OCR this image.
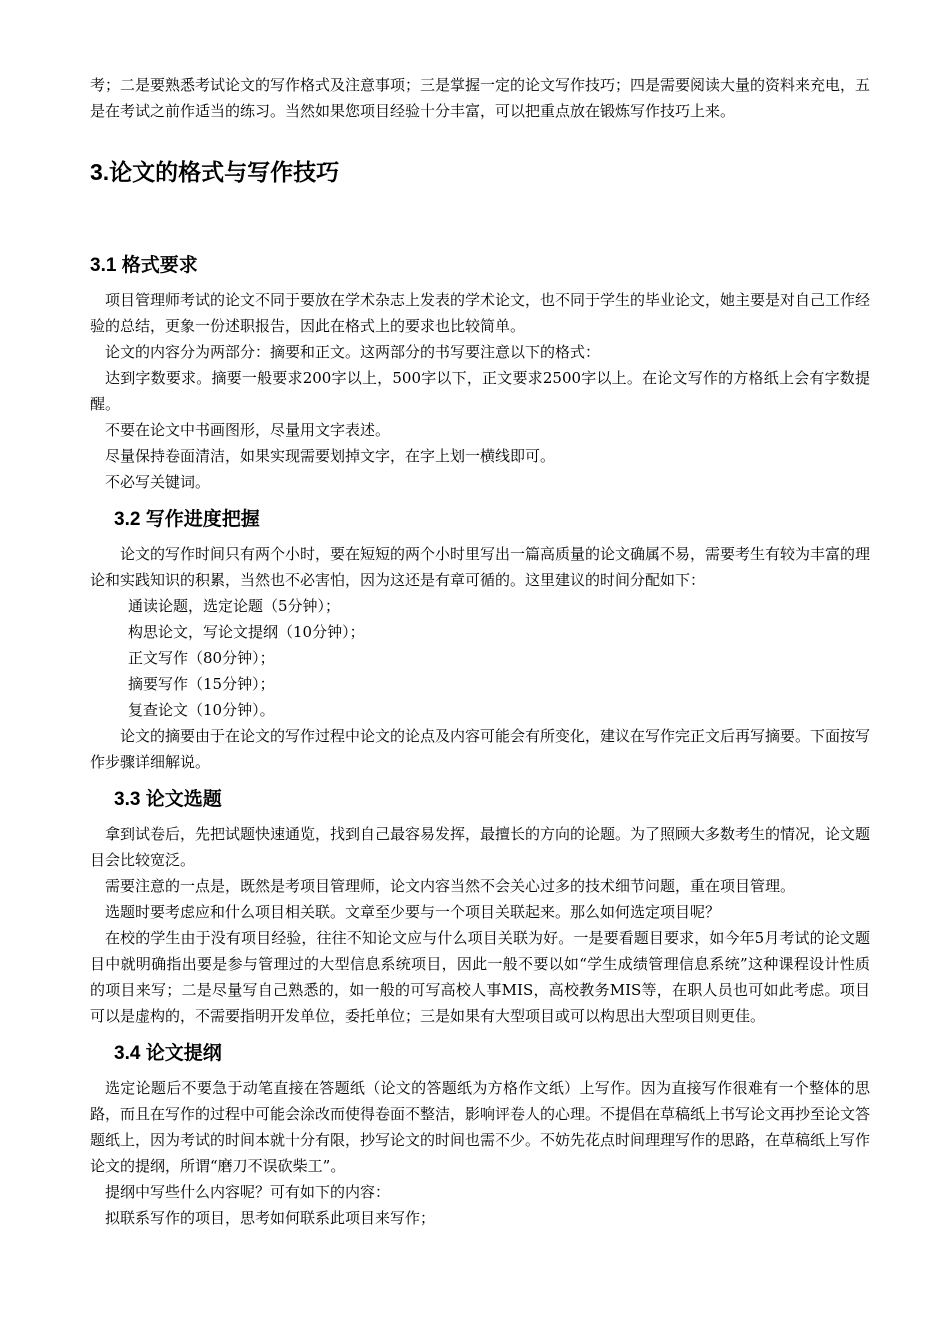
考；二是要熟悉考试论文的写作格式及注意事项；三是掌握一定的论文写作技巧；四是需要阅读大量的资料来充电，五是在考试之前作适当的练习。当然如果您项目经验十分丰富，可以把重点放在锻炼写作技巧上来。

3.论文的格式与写作技巧
3.1 格式要求

项目管理师考试的论文不同于要放在学术杂志上发表的学术论文，也不同于学生的毕业论文，她主要是对自己工作经验的总结，更象一份述职报告，因此在格式上的要求也比较简单。

论文的内容分为两部分：摘要和正文。这两部分的书写要注意以下的格式：

达到字数要求。摘要一般要求200字以上，500字以下，正文要求2500字以上。在论文写作的方格纸上会有字数提醒。

不要在论文中书画图形，尽量用文字表述。

尽量保持卷面清洁，如果实现需要划掉文字，在字上划一横线即可。

不必写关键词。

3.2 写作进度把握

论文的写作时间只有两个小时，要在短短的两个小时里写出一篇高质量的论文确属不易，需要考生有较为丰富的理论和实践知识的积累，当然也不必害怕，因为这还是有章可循的。这里建议的时间分配如下：

通读论题，选定论题（5分钟）；

构思论文，写论文提纲（10分钟）；

正文写作（80分钟）；

摘要写作（15分钟）；

复查论文（10分钟）。

论文的摘要由于在论文的写作过程中论文的论点及内容可能会有所变化，建议在写作完正文后再写摘要。下面按写作步骤详细解说。

3.3 论文选题

拿到试卷后，先把试题快速通览，找到自己最容易发挥，最擅长的方向的论题。为了照顾大多数考生的情况，论文题目会比较宽泛。

需要注意的一点是，既然是考项目管理师，论文内容当然不会关心过多的技术细节问题，重在项目管理。

选题时要考虑应和什么项目相关联。文章至少要与一个项目关联起来。那么如何选定项目呢？

在校的学生由于没有项目经验，往往不知论文应与什么项目关联为好。一是要看题目要求，如今年5月考试的论文题目中就明确指出要是参与管理过的大型信息系统项目，因此一般不要以如“学生成绩管理信息系统”这种课程设计性质的项目来写；二是尽量写自己熟悉的，如一般的可写高校人事MIS，高校教务MIS等，在职人员也可如此考虑。项目可以是虚构的，不需要指明开发单位，委托单位；三是如果有大型项目或可以构思出大型项目则更佳。

3.4 论文提纲

选定论题后不要急于动笔直接在答题纸（论文的答题纸为方格作文纸）上写作。因为直接写作很难有一个整体的思路，而且在写作的过程中可能会涂改而使得卷面不整洁，影响评卷人的心理。不提倡在草稿纸上书写论文再抄至论文答题纸上，因为考试的时间本就十分有限，抄写论文的时间也需不少。不妨先花点时间理理写作的思路，在草稿纸上写作论文的提纲，所谓“磨刀不误砍柴工”。

提纲中写些什么内容呢？可有如下的内容：

拟联系写作的项目，思考如何联系此项目来写作；
